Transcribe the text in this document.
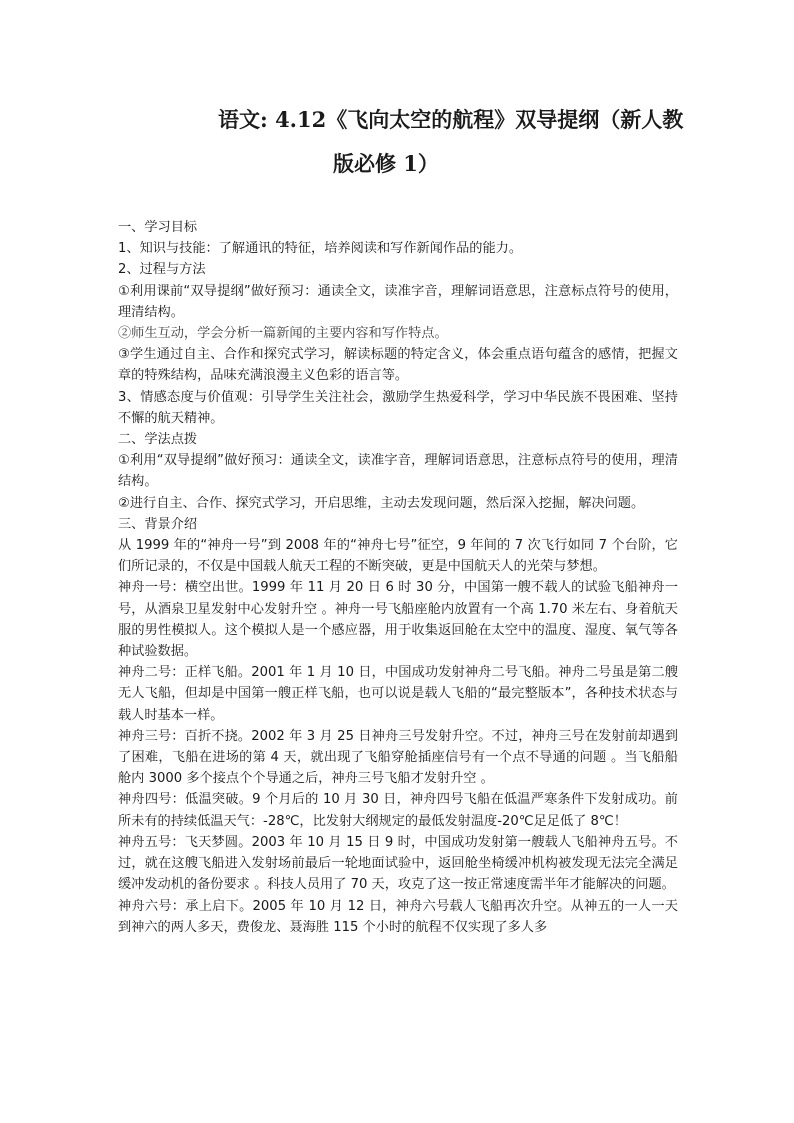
语文: 4.12《飞向太空的航程》双导提纲（新人教
版必修 1）

一、学习目标

1、知识与技能：了解通讯的特征，培养阅读和写作新闻作品的能力。

2、过程与方法

①利用课前“双导提纲”做好预习：通读全文，读准字音，理解词语意思，注意标点符号的使用，理清结构。

②师生互动，学会分析一篇新闻的主要内容和写作特点。

③学生通过自主、合作和探究式学习，解读标题的特定含义，体会重点语句蕴含的感情，把握文章的特殊结构，品味充满浪漫主义色彩的语言等。

3、情感态度与价值观：引导学生关注社会，激励学生热爱科学，学习中华民族不畏困难、坚持不懈的航天精神。

二、学法点拨

①利用“双导提纲”做好预习：通读全文，读准字音，理解词语意思，注意标点符号的使用，理清结构。

②进行自主、合作、探究式学习，开启思维，主动去发现问题，然后深入挖掘，解决问题。

三、背景介绍

从 1999 年的“神舟一号”到 2008 年的“神舟七号”征空，9 年间的 7 次飞行如同 7 个台阶，它们所记录的，不仅是中国载人航天工程的不断突破，更是中国航天人的光荣与梦想。

神舟一号：横空出世。1999 年 11 月 20 日 6 时 30 分，中国第一艘不载人的试验飞船神舟一号，从酒泉卫星发射中心发射升空 。神舟一号飞船座舱内放置有一个高 1.70 米左右、身着航天服的男性模拟人。这个模拟人是一个感应器，用于收集返回舱在太空中的温度、湿度、氧气等各种试验数据。

神舟二号：正样飞船。2001 年 1 月 10 日，中国成功发射神舟二号飞船。神舟二号虽是第二艘无人飞船，但却是中国第一艘正样飞船，也可以说是载人飞船的“最完整版本”，各种技术状态与载人时基本一样。

神舟三号：百折不挠。2002 年 3 月 25 日神舟三号发射升空。不过，神舟三号在发射前却遇到了困难，飞船在进场的第 4 天，就出现了飞船穿舱插座信号有一个点不导通的问题 。当飞船船舱内 3000 多个接点个个导通之后，神舟三号飞船才发射升空 。

神舟四号：低温突破。9 个月后的 10 月 30 日，神舟四号飞船在低温严寒条件下发射成功。前所未有的持续低温天气：-28℃，比发射大纲规定的最低发射温度-20℃足足低了 8℃！

神舟五号：飞天梦圆。2003 年 10 月 15 日 9 时，中国成功发射第一艘载人飞船神舟五号。不过，就在这艘飞船进入发射场前最后一轮地面试验中，返回舱坐椅缓冲机构被发现无法完全满足缓冲发动机的备份要求 。科技人员用了 70 天，攻克了这一按正常速度需半年才能解决的问题。

神舟六号：承上启下。2005 年 10 月 12 日，神舟六号载人飞船再次升空。从神五的一人一天到神六的两人多天，费俊龙、聂海胜 115 个小时的航程不仅实现了多人多
